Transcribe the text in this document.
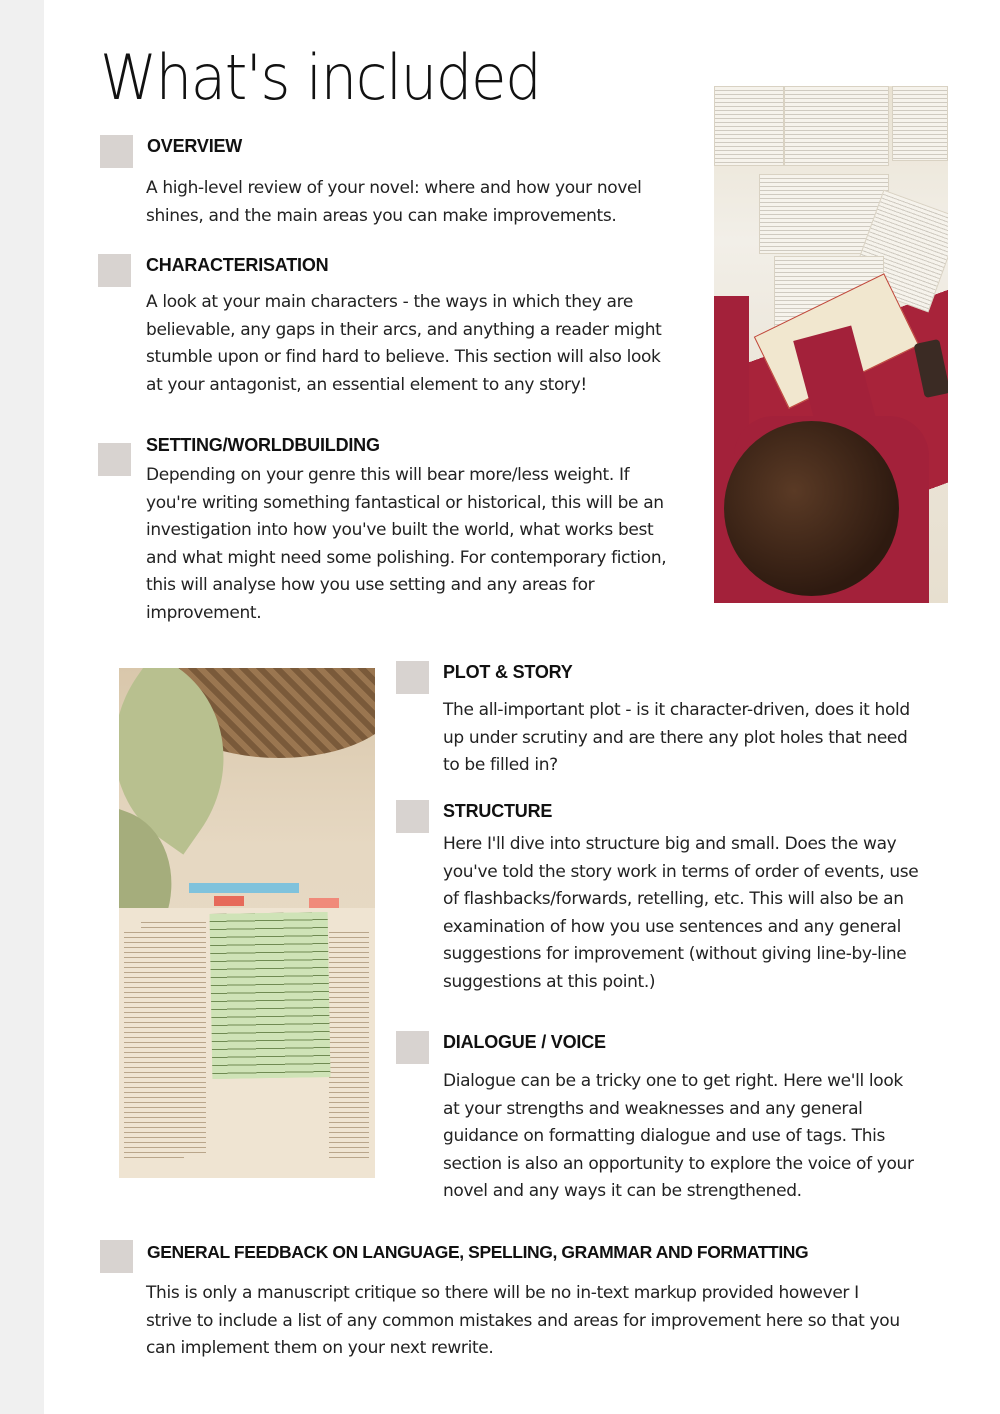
What's included
OVERVIEW
A high-level review of your novel: where and how your novel
shines, and the main areas you can make improvements.
CHARACTERISATION
A look at your main characters - the ways in which they are
believable, any gaps in their arcs, and anything a reader might
stumble upon or find hard to believe. This section will also look
at your antagonist, an essential element to any story!
SETTING/WORLDBUILDING
Depending on your genre this will bear more/less weight. If
you're writing something fantastical or historical, this will be an
investigation into how you've built the world, what works best
and what might need some polishing. For contemporary fiction,
this will analyse how you use setting and any areas for
improvement.
PLOT & STORY
The all-important plot - is it character-driven, does it hold
up under scrutiny and are there any plot holes that need
to be filled in?
STRUCTURE
Here I'll dive into structure big and small. Does the way
you've told the story work in terms of order of events, use
of flashbacks/forwards, retelling, etc. This will also be an
examination of how you use sentences and any general
suggestions for improvement (without giving line-by-line
suggestions at this point.)
DIALOGUE / VOICE
Dialogue can be a tricky one to get right. Here we'll look
at your strengths and weaknesses and any general
guidance on formatting dialogue and use of tags. This
section is also an opportunity to explore the voice of your
novel and any ways it can be strengthened.
GENERAL FEEDBACK ON LANGUAGE, SPELLING, GRAMMAR AND FORMATTING
This is only a manuscript critique so there will be no in-text markup provided however I
strive to include a list of any common mistakes and areas for improvement here so that you
can implement them on your next rewrite.
